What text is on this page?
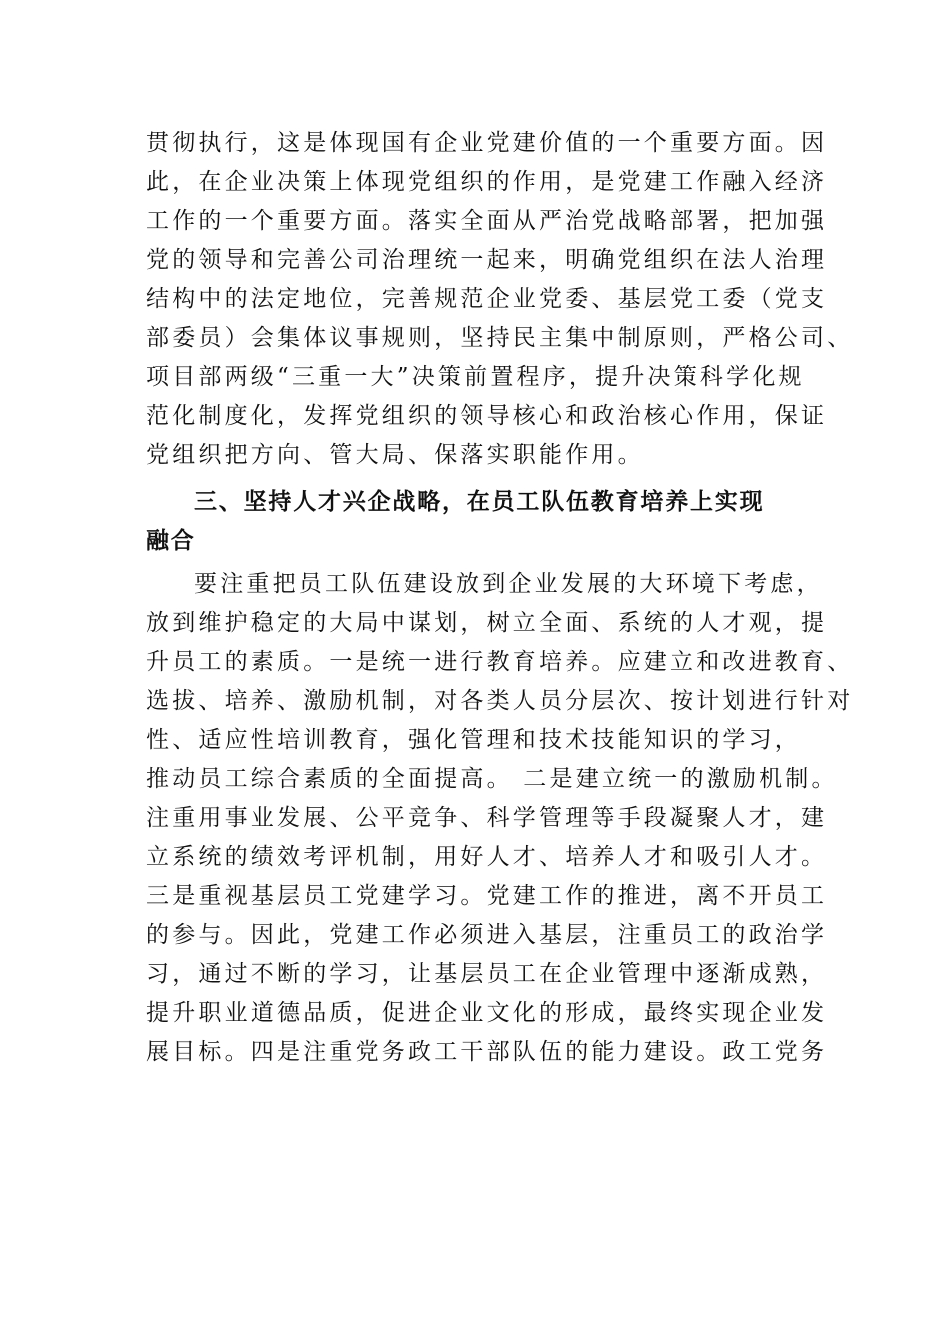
贯彻执行，这是体现国有企业党建价值的一个重要方面。因
此，在企业决策上体现党组织的作用，是党建工作融入经济
工作的一个重要方面。落实全面从严治党战略部署，把加强
党的领导和完善公司治理统一起来，明确党组织在法人治理
结构中的法定地位，完善规范企业党委、基层党工委（党支
部委员）会集体议事规则，坚持民主集中制原则，严格公司、
项目部两级“三重一大”决策前置程序，提升决策科学化规
范化制度化，发挥党组织的领导核心和政治核心作用，保证
党组织把方向、管大局、保落实职能作用。
三、坚持人才兴企战略，在员工队伍教育培养上实现
融合
要注重把员工队伍建设放到企业发展的大环境下考虑，
放到维护稳定的大局中谋划，树立全面、系统的人才观，提
升员工的素质。一是统一进行教育培养。应建立和改进教育、
选拔、培养、激励机制，对各类人员分层次、按计划进行针对
性、适应性培训教育，强化管理和技术技能知识的学习，
推动员工综合素质的全面提高。 二是建立统一的激励机制。
注重用事业发展、公平竞争、科学管理等手段凝聚人才，建
立系统的绩效考评机制，用好人才、培养人才和吸引人才。
三是重视基层员工党建学习。党建工作的推进，离不开员工
的参与。因此，党建工作必须进入基层，注重员工的政治学
习，通过不断的学习，让基层员工在企业管理中逐渐成熟，
提升职业道德品质，促进企业文化的形成，最终实现企业发
展目标。四是注重党务政工干部队伍的能力建设。政工党务
